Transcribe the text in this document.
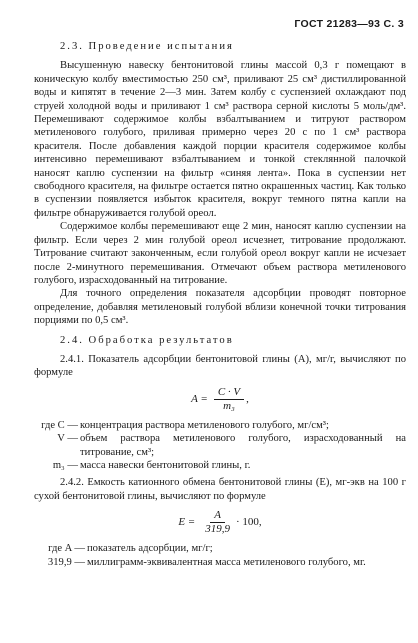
ГОСТ 21283—93 С. 3

2.3. Проведение испытания

Высушенную навеску бентонитовой глины массой 0,3 г помещают в коническую колбу вместимостью 250 см³, приливают 25 см³ дистиллированной воды и кипятят в течение 2—3 мин. Затем колбу с суспензией охлаждают под струей холодной воды и приливают 1 см³ раствора серной кислоты 5 моль/дм³. Перемешивают содержимое колбы взбалтыванием и титруют раствором метиленового голубого, приливая примерно через 20 с по 1 см³ раствора красителя. После добавления каждой порции красителя содержимое колбы интенсивно перемешивают взбалтыванием и тонкой стеклянной палочкой наносят каплю суспензии на фильтр «синяя лента». Пока в суспензии нет свободного красителя, на фильтре остается пятно окрашенных частиц. Как только в суспензии появляется избыток красителя, вокруг темного пятна капли на фильтре обнаруживается голубой ореол.

Содержимое колбы перемешивают еще 2 мин, наносят каплю суспензии на фильтр. Если через 2 мин голубой ореол исчезнет, титрование продолжают. Титрование считают законченным, если голубой ореол вокруг капли не исчезает после 2-минутного перемешивания. Отмечают объем раствора метиленового голубого, израсходованный на титрование.

Для точного определения показателя адсорбции проводят повторное определение, добавляя метиленовый голубой вблизи конечной точки титрования порциями по 0,5 см³.

2.4. Обработка результатов

2.4.1. Показатель адсорбции бентонитовой глины (A), мг/г, вычисляют по формуле

$A = \frac{C \cdot V}{\text{m₃}}$ ,
где C — концентрация раствора метиленового голубого, мг/см³;
V — объем раствора метиленового голубого, израсходованный на титрование, см³;
m₃ — масса навески бентонитовой глины, г.

2.4.2. Емкость катионного обмена бентонитовой глины (E), мг-экв на 100 г сухой бентонитовой глины, вычисляют по формуле

$E = \frac{A}{319,9} \cdot 100$,
где A — показатель адсорбции, мг/г;
319,9 — миллиграмм-эквивалентная масса метиленового голубого, мг.
